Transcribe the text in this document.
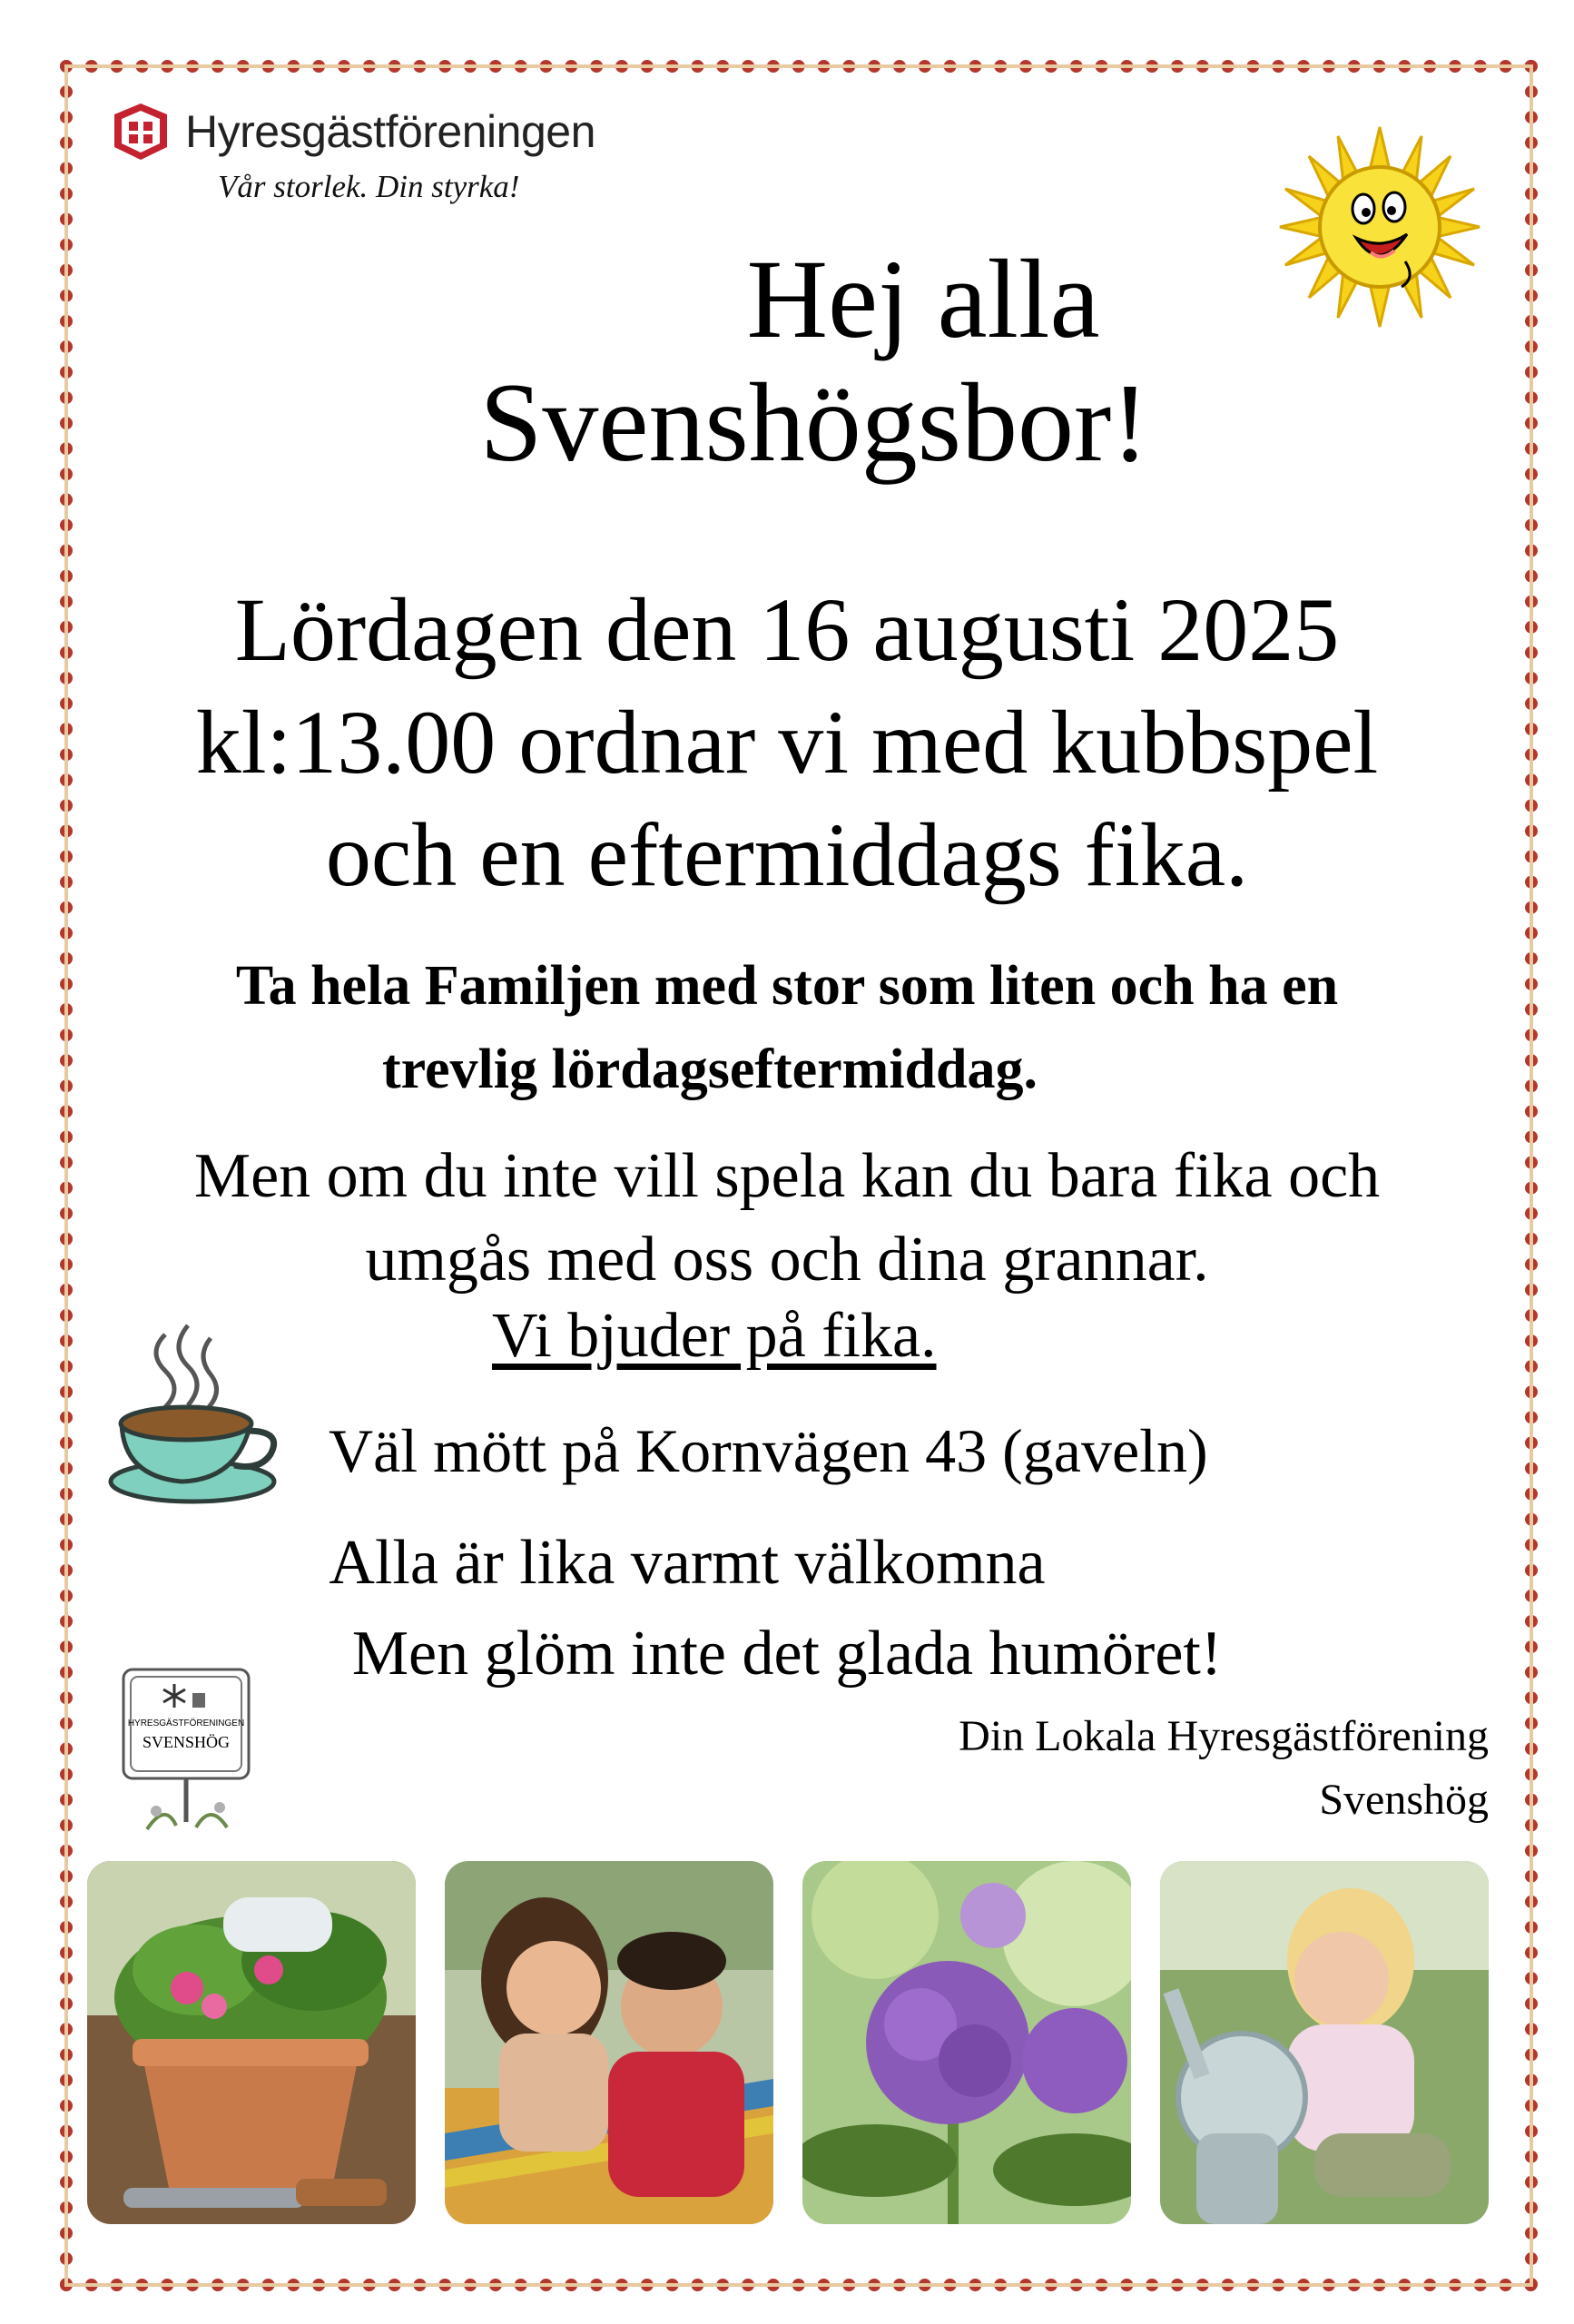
Hyresgästföreningen
Vår storlek. Din styrka!
Hej alla
Svenshögsbor!
Lördagen den 16 augusti 2025
kl:13.00 ordnar vi med kubbspel
och en eftermiddags fika.
Ta hela Familjen med stor som liten och ha en
trevlig lördagseftermiddag.
Men om du inte vill spela kan du bara fika och
umgås med oss och dina grannar.
Vi bjuder på fika.
Väl mött på Kornvägen 43 (gaveln)
Alla är lika varmt välkomna
Men glöm inte det glada humöret!
HYRESGÄSTFÖRENINGEN
SVENSHÖG	Din Lokala Hyresgästförening
Svenshög
